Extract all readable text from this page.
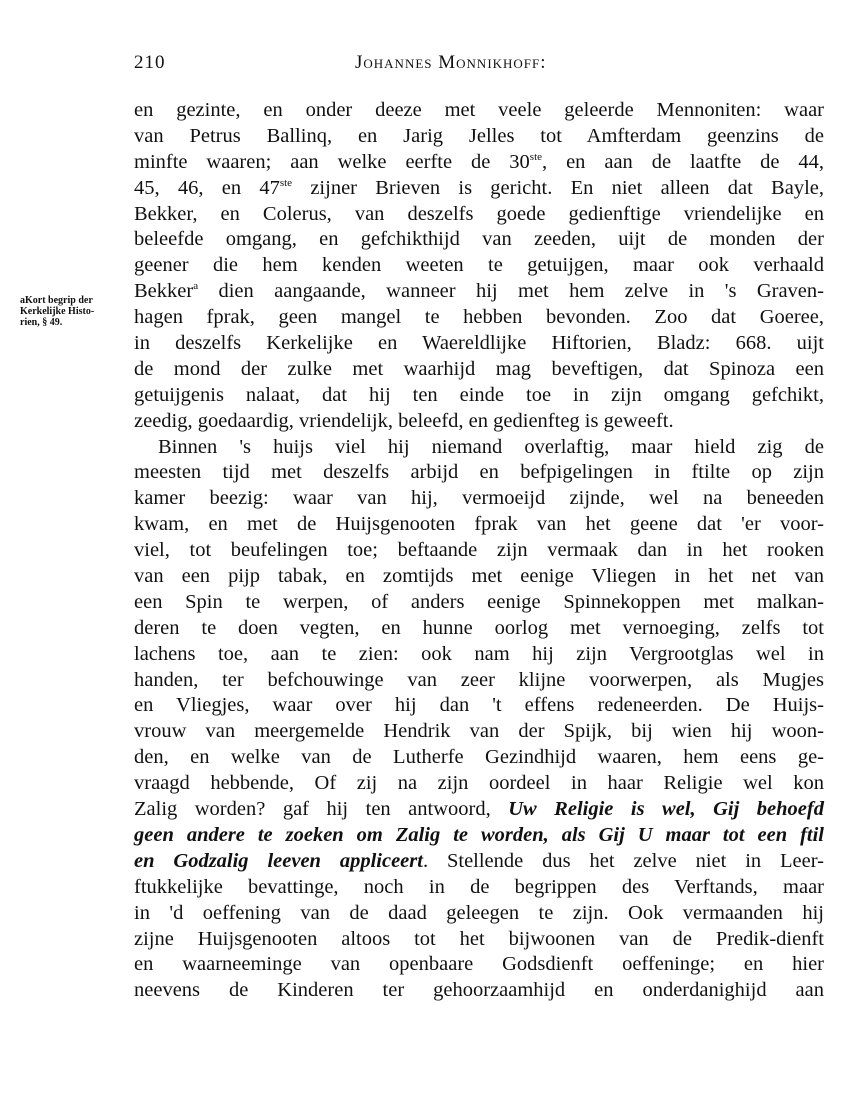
210	Johannes Monnikhoff:
aKort begrip der
Kerkelijke Histo-
rien, § 49.
en gezinte, en onder deeze met veele geleerde Mennoniten: waar
van Petrus Ballinq, en Jarig Jelles tot Amfterdam geenzins de
minfte waaren; aan welke eerfte de 30ste, en aan de laatfte de 44,
45, 46, en 47ste zijner Brieven is gericht. En niet alleen dat Bayle,
Bekker, en Colerus, van deszelfs goede gedienftige vriendelijke en
beleefde omgang, en gefchikthijd van zeeden, uijt de monden der
geener die hem kenden weeten te getuijgen, maar ook verhaald
Bekker$^a$ dien aangaande, wanneer hij met hem zelve in 's Graven-
hagen fprak, geen mangel te hebben bevonden. Zoo dat Goeree,
in deszelfs Kerkelijke en Waereldlijke Hiftorien, Bladz: 668. uijt
de mond der zulke met waarhijd mag beveftigen, dat Spinoza een
getuijgenis nalaat, dat hij ten einde toe in zijn omgang gefchikt,
zeedig, goedaardig, vriendelijk, beleefd, en gedienfteg is geweeft.
Binnen 's huijs viel hij niemand overlaftig, maar hield zig de
meesten tijd met deszelfs arbijd en befpigelingen in ftilte op zijn
kamer beezig: waar van hij, vermoeijd zijnde, wel na beneeden
kwam, en met de Huijsgenooten fprak van het geene dat 'er voor-
viel, tot beufelingen toe; beftaande zijn vermaak dan in het rooken
van een pijp tabak, en zomtijds met eenige Vliegen in het net van
een Spin te werpen, of anders eenige Spinnekoppen met malkan-
deren te doen vegten, en hunne oorlog met vernoeging, zelfs tot
lachens toe, aan te zien: ook nam hij zijn Vergrootglas wel in
handen, ter befchouwinge van zeer klijne voorwerpen, als Mugjes
en Vliegjes, waar over hij dan 't effens redeneerden. De Huijs-
vrouw van meergemelde Hendrik van der Spijk, bij wien hij woon-
den, en welke van de Lutherfe Gezindhijd waaren, hem eens ge-
vraagd hebbende, Of zij na zijn oordeel in haar Religie wel kon
Zalig worden? gaf hij ten antwoord, Uw Religie is wel, Gij behoefd
geen andere te zoeken om Zalig te worden, als Gij U maar tot een ftil
en Godzalig leeven appliceert. Stellende dus het zelve niet in Leer-
ftukkelijke bevattinge, noch in de begrippen des Verftands, maar
in 'd oeffening van de daad geleegen te zijn. Ook vermaanden hij
zijne Huijsgenooten altoos tot het bijwoonen van de Predik-dienft
en waarneeminge van openbaare Godsdienft oeffeninge; en hier
neevens de Kinderen ter gehoorzaamhijd en onderdanighijd aan
